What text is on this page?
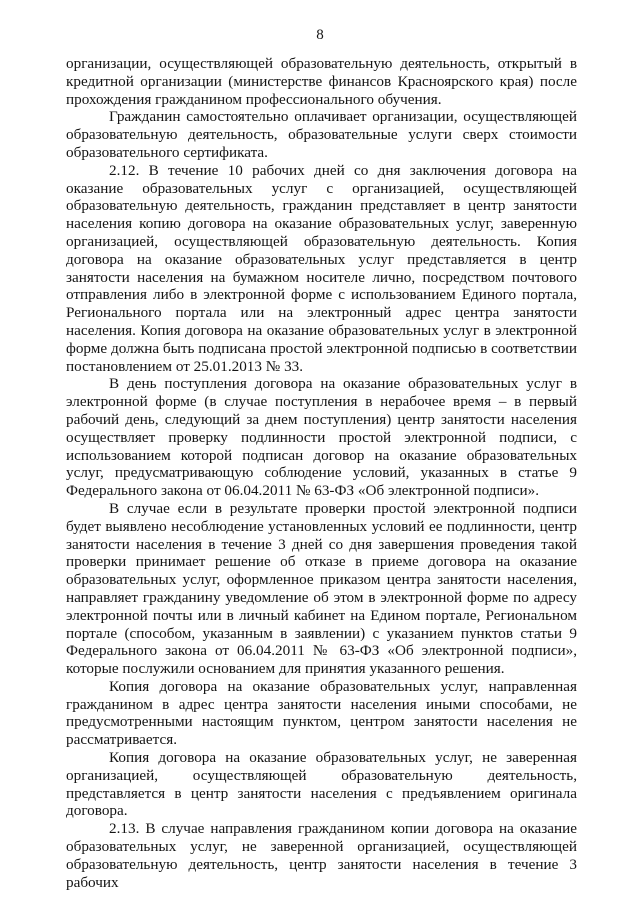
8

организации, осуществляющей образовательную деятельность, открытый в кредитной организации (министерстве финансов Красноярского края) после прохождения гражданином профессионального обучения.

Гражданин самостоятельно оплачивает организации, осуществляющей образовательную деятельность, образовательные услуги сверх стоимости образовательного сертификата.

2.12. В течение 10 рабочих дней со дня заключения договора на оказание образовательных услуг с организацией, осуществляющей образовательную деятельность, гражданин представляет в центр занятости населения копию договора на оказание образовательных услуг, заверенную организацией, осуществляющей образовательную деятельность. Копия договора на оказание образовательных услуг представляется в центр занятости населения на бумажном носителе лично, посредством почтового отправления либо в электронной форме с использованием Единого портала, Регионального портала или на электронный адрес центра занятости населения. Копия договора на оказание образовательных услуг в электронной форме должна быть подписана простой электронной подписью в соответствии постановлением от 25.01.2013 № 33.

В день поступления договора на оказание образовательных услуг в электронной форме (в случае поступления в нерабочее время – в первый рабочий день, следующий за днем поступления) центр занятости населения осуществляет проверку подлинности простой электронной подписи, с использованием которой подписан договор на оказание образовательных услуг, предусматривающую соблюдение условий, указанных в статье 9 Федерального закона от 06.04.2011 № 63-ФЗ «Об электронной подписи».

В случае если в результате проверки простой электронной подписи будет выявлено несоблюдение установленных условий ее подлинности, центр занятости населения в течение 3 дней со дня завершения проведения такой проверки принимает решение об отказе в приеме договора на оказание образовательных услуг, оформленное приказом центра занятости населения, направляет гражданину уведомление об этом в электронной форме по адресу электронной почты или в личный кабинет на Едином портале, Региональном портале (способом, указанным в заявлении) с указанием пунктов статьи 9 Федерального закона от 06.04.2011 № 63-ФЗ «Об электронной подписи», которые послужили основанием для принятия указанного решения.

Копия договора на оказание образовательных услуг, направленная гражданином в адрес центра занятости населения иными способами, не предусмотренными настоящим пунктом, центром занятости населения не рассматривается.

Копия договора на оказание образовательных услуг, не заверенная организацией, осуществляющей образовательную деятельность, представляется в центр занятости населения с предъявлением оригинала договора.

2.13. В случае направления гражданином копии договора на оказание образовательных услуг, не заверенной организацией, осуществляющей образовательную деятельность, центр занятости населения в течение 3 рабочих
